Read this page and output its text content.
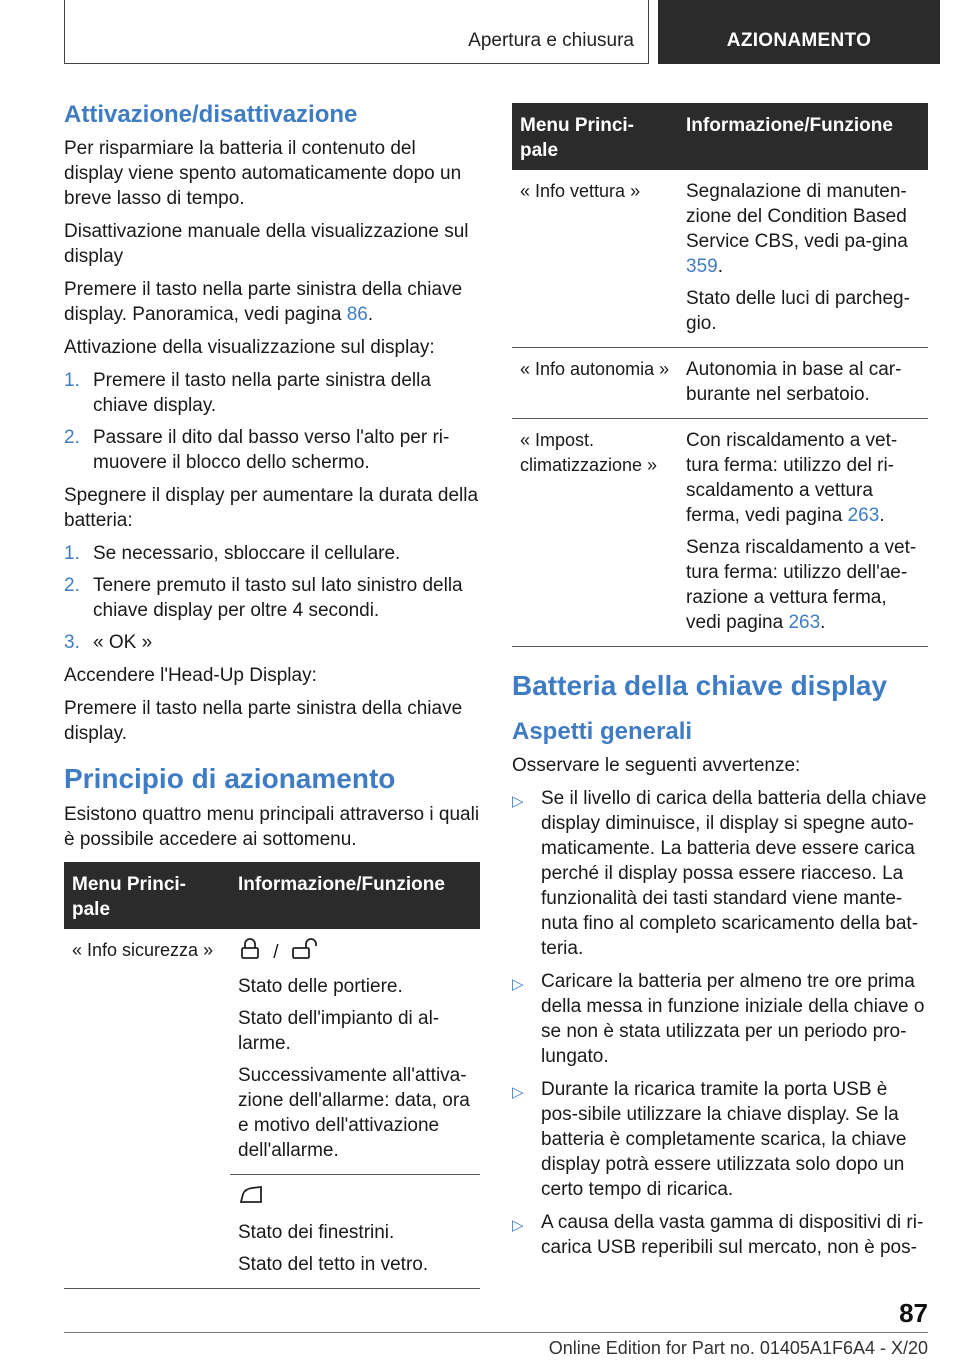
Apertura e chiusura	AZIONAMENTO
Attivazione/disattivazione

Per risparmiare la batteria il contenuto del display viene spento automaticamente dopo un breve lasso di tempo.

Disattivazione manuale della visualizzazione sul display

Premere il tasto nella parte sinistra della chiave display. Panoramica, vedi pagina 86.

Attivazione della visualizzazione sul display:

1. Premere il tasto nella parte sinistra della chiave display.
2. Passare il dito dal basso verso l'alto per ri-muovere il blocco dello schermo.

Spegnere il display per aumentare la durata della batteria:

1. Se necessario, sbloccare il cellulare.
2. Tenere premuto il tasto sul lato sinistro della chiave display per oltre 4 secondi.
3. « OK »

Accendere l'Head-Up Display:

Premere il tasto nella parte sinistra della chiave display.

Principio di azionamento

Esistono quattro menu principali attraverso i quali è possibile accedere ai sottomenu.

Menu Princi-pale	Informazione/Funzione
« Info sicurezza »	/

Stato delle portiere.

Stato dell'impianto di al-larme.

Successivamente all'attiva-zione dell'allarme: data, ora e motivo dell'attivazione dell'allarme.

	Stato dei finestrini.

Stato del tetto in vetro.

Menu Princi-pale	Informazione/Funzione
« Info vettura »	Segnalazione di manuten-zione del Condition Based Service CBS, vedi pa-gina 359.

Stato delle luci di parcheg-gio.

« Info autonomia »	Autonomia in base al car-burante nel serbatoio.

« Impost. climatizzazione »	Con riscaldamento a vet-tura ferma: utilizzo del ri-scaldamento a vettura ferma, vedi pagina 263.

Senza riscaldamento a vet-tura ferma: utilizzo dell'ae-razione a vettura ferma, vedi pagina 263.

Batteria della chiave display
Aspetti generali

Osservare le seguenti avvertenze:

▷ Se il livello di carica della batteria della chiave display diminuisce, il display si spegne auto-maticamente. La batteria deve essere carica perché il display possa essere riacceso. La funzionalità dei tasti standard viene mante-nuta fino al completo scaricamento della bat-teria.
▷ Caricare la batteria per almeno tre ore prima della messa in funzione iniziale della chiave o se non è stata utilizzata per un periodo pro-lungato.
▷ Durante la ricarica tramite la porta USB è pos-sibile utilizzare la chiave display. Se la batteria è completamente scarica, la chiave display potrà essere utilizzata solo dopo un certo tempo di ricarica.
▷ A causa della vasta gamma di dispositivi di ri-carica USB reperibili sul mercato, non è pos-
87
Online Edition for Part no. 01405A1F6A4 - X/20
